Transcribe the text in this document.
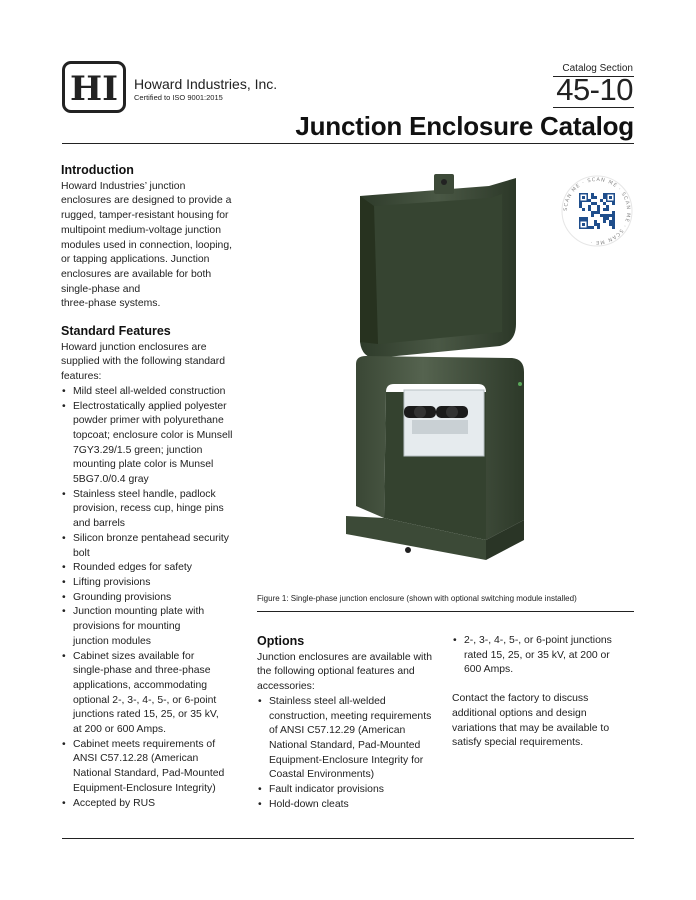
HI Howard Industries, Inc.
Certified to ISO 9001:2015
Catalog Section
45-10
Junction Enclosure Catalog
Introduction

Howard Industries’ junction
enclosures are designed to provide a
rugged, tamper-resistant housing for
multipoint medium-voltage junction
modules used in connection, looping,
or tapping applications. Junction
enclosures are available for both
single-phase and
three-phase systems.

Standard Features

Howard junction enclosures are
supplied with the following standard
features:

• Mild steel all-welded construction
• Electrostatically applied polyester
powder primer with polyurethane
topcoat; enclosure color is Munsell
7GY3.29/1.5 green; junction
mounting plate color is Munsel
5BG7.0/0.4 gray
• Stainless steel handle, padlock
provision, recess cup, hinge pins
and barrels
• Silicon bronze pentahead security
bolt
• Rounded edges for safety
• Lifting provisions
• Grounding provisions
• Junction mounting plate with
provisions for mounting
junction modules
• Cabinet sizes available for
single-phase and three-phase
applications, accommodating
optional 2-, 3-, 4-, 5-, or 6-point
junctions rated 15, 25, or 35 kV,
at 200 or 600 Amps.
• Cabinet meets requirements of
ANSI C57.12.28 (American
National Standard, Pad-Mounted
Equipment-Enclosure Integrity)
• Accepted by RUS
SCAN ME · SCAN ME · SCAN ME · SCAN ME ·
Figure 1: Single-phase junction enclosure (shown with optional switching module installed)
Options

Junction enclosures are available with
the following optional features and
accessories:

• Stainless steel all-welded
construction, meeting requirements
of ANSI C57.12.29 (American
National Standard, Pad-Mounted
Equipment-Enclosure Integrity for
Coastal Environments)
• Fault indicator provisions
• Hold-down cleats
• 2-, 3-, 4-, 5-, or 6-point junctions
rated 15, 25, or 35 kV, at 200 or
600 Amps.

Contact the factory to discuss
additional options and design
variations that may be available to
satisfy special requirements.
